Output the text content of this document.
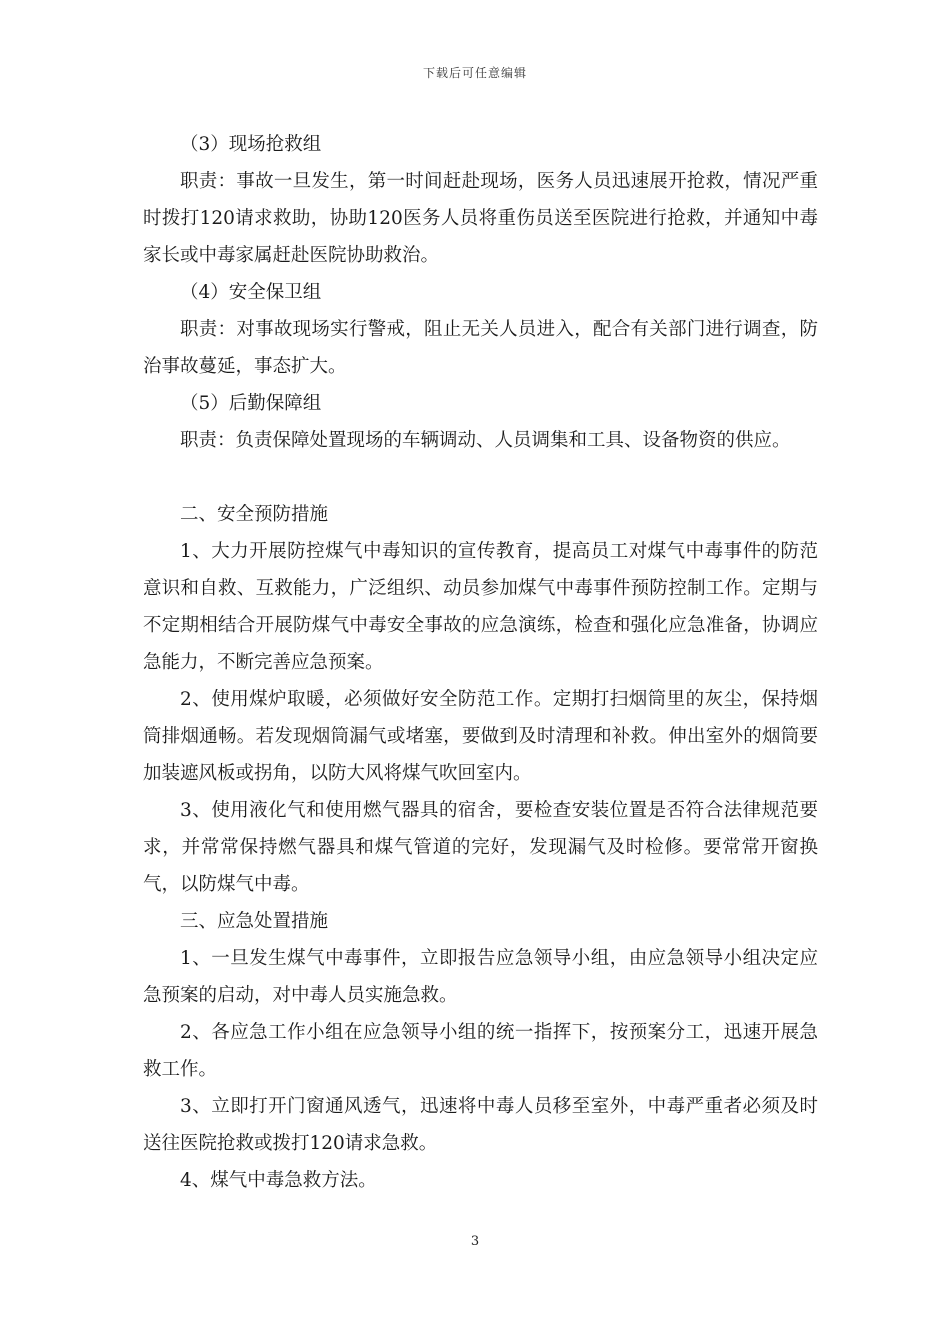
下载后可任意编辑

（3）现场抢救组

职责：事故一旦发生，第一时间赶赴现场，医务人员迅速展开抢救，情况严重时拨打120请求救助，协助120医务人员将重伤员送至医院进行抢救，并通知中毒家长或中毒家属赶赴医院协助救治。

（4）安全保卫组

职责：对事故现场实行警戒，阻止无关人员进入，配合有关部门进行调查，防治事故蔓延，事态扩大。

（5）后勤保障组

职责：负责保障处置现场的车辆调动、人员调集和工具、设备物资的供应。

二、安全预防措施

1、大力开展防控煤气中毒知识的宣传教育，提高员工对煤气中毒事件的防范意识和自救、互救能力，广泛组织、动员参加煤气中毒事件预防控制工作。定期与不定期相结合开展防煤气中毒安全事故的应急演练，检查和强化应急准备，协调应急能力，不断完善应急预案。

2、使用煤炉取暖，必须做好安全防范工作。定期打扫烟筒里的灰尘，保持烟筒排烟通畅。若发现烟筒漏气或堵塞，要做到及时清理和补救。伸出室外的烟筒要加装遮风板或拐角，以防大风将煤气吹回室内。

3、使用液化气和使用燃气器具的宿舍，要检查安装位置是否符合法律规范要求，并常常保持燃气器具和煤气管道的完好，发现漏气及时检修。要常常开窗换气，以防煤气中毒。

三、应急处置措施

1、一旦发生煤气中毒事件，立即报告应急领导小组，由应急领导小组决定应急预案的启动，对中毒人员实施急救。

2、各应急工作小组在应急领导小组的统一指挥下，按预案分工，迅速开展急救工作。

3、立即打开门窗通风透气，迅速将中毒人员移至室外，中毒严重者必须及时送往医院抢救或拨打120请求急救。

4、煤气中毒急救方法。

3
